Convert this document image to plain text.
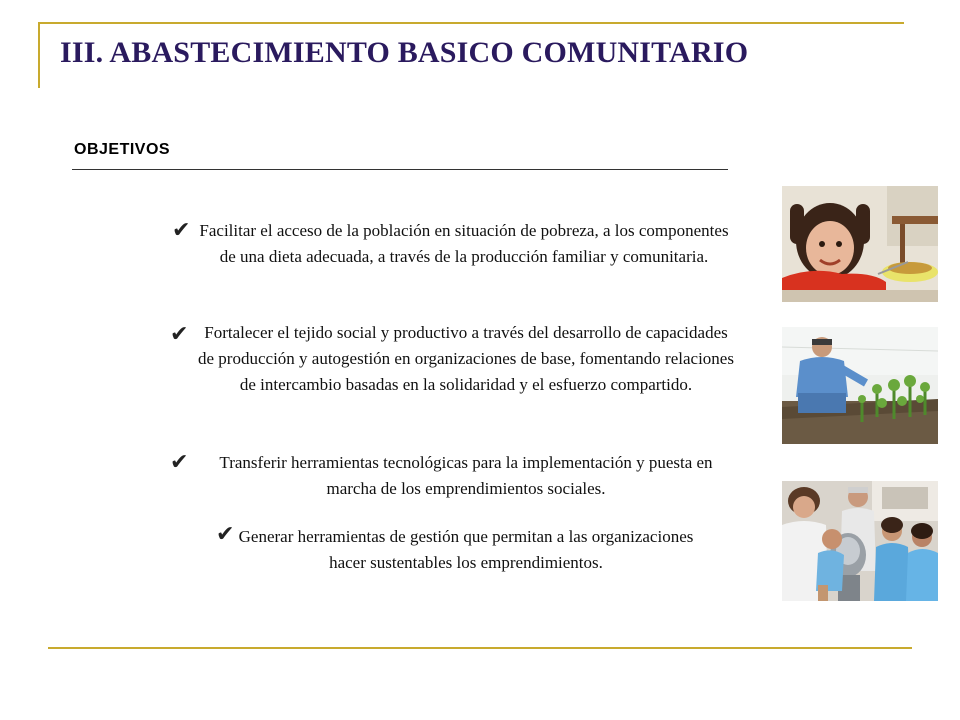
III. ABASTECIMIENTO BASICO COMUNITARIO
OBJETIVOS
✔ Facilitar el acceso de la población en situación de pobreza, a los componentes de una dieta adecuada, a través de la producción familiar y comunitaria.
✔ Fortalecer el tejido social y productivo a través del desarrollo de capacidades de producción y autogestión en organizaciones de base, fomentando relaciones de intercambio basadas en la solidaridad y el esfuerzo compartido.
✔	Transferir herramientas tecnológicas para la implementación y puesta en marcha de los emprendimientos sociales.
✔ Generar herramientas de gestión que permitan a las organizaciones hacer sustentables los emprendimientos.
